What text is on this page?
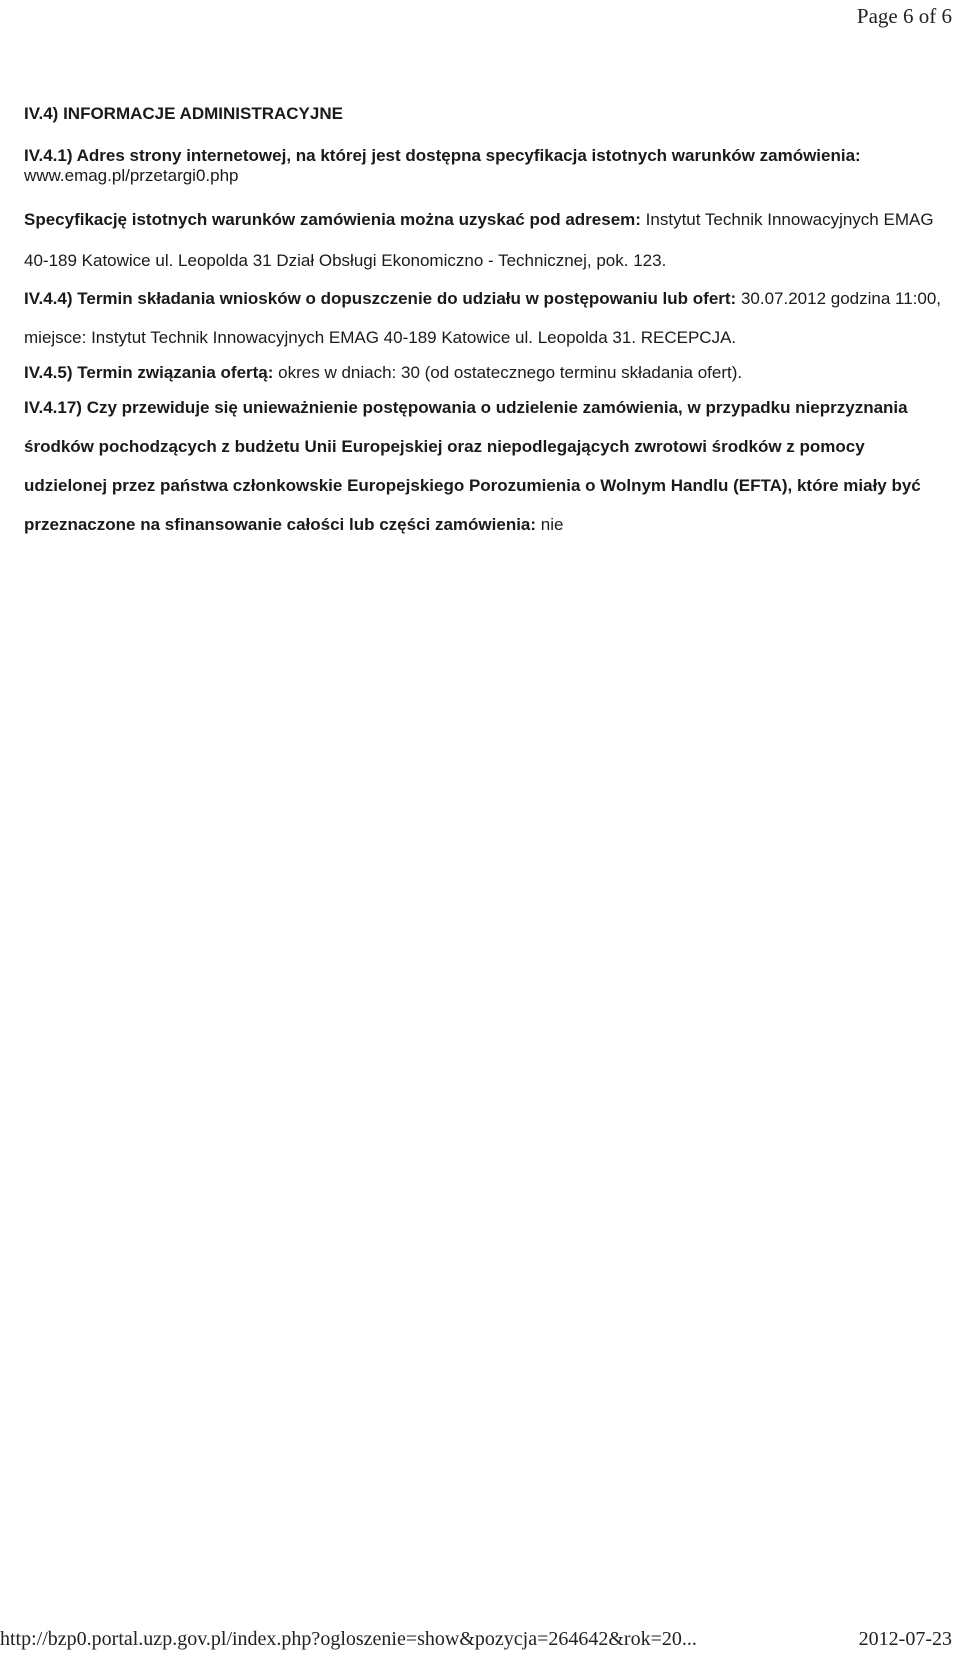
Page 6 of 6
IV.4) INFORMACJE ADMINISTRACYJNE
IV.4.1) Adres strony internetowej, na której jest dostępna specyfikacja istotnych warunków zamówienia: www.emag.pl/przetargi0.php
Specyfikację istotnych warunków zamówienia można uzyskać pod adresem: Instytut Technik Innowacyjnych EMAG 40-189 Katowice ul. Leopolda 31 Dział Obsługi Ekonomiczno - Technicznej, pok. 123.
IV.4.4) Termin składania wniosków o dopuszczenie do udziału w postępowaniu lub ofert: 30.07.2012 godzina 11:00, miejsce: Instytut Technik Innowacyjnych EMAG 40-189 Katowice ul. Leopolda 31. RECEPCJA.
IV.4.5) Termin związania ofertą: okres w dniach: 30 (od ostatecznego terminu składania ofert).
IV.4.17) Czy przewiduje się unieważnienie postępowania o udzielenie zamówienia, w przypadku nieprzyznania środków pochodzących z budżetu Unii Europejskiej oraz niepodlegających zwrotowi środków z pomocy udzielonej przez państwa członkowskie Europejskiego Porozumienia o Wolnym Handlu (EFTA), które miały być przeznaczone na sfinansowanie całości lub części zamówienia: nie
http://bzp0.portal.uzp.gov.pl/index.php?ogloszenie=show&pozycja=264642&rok=20...	2012-07-23
